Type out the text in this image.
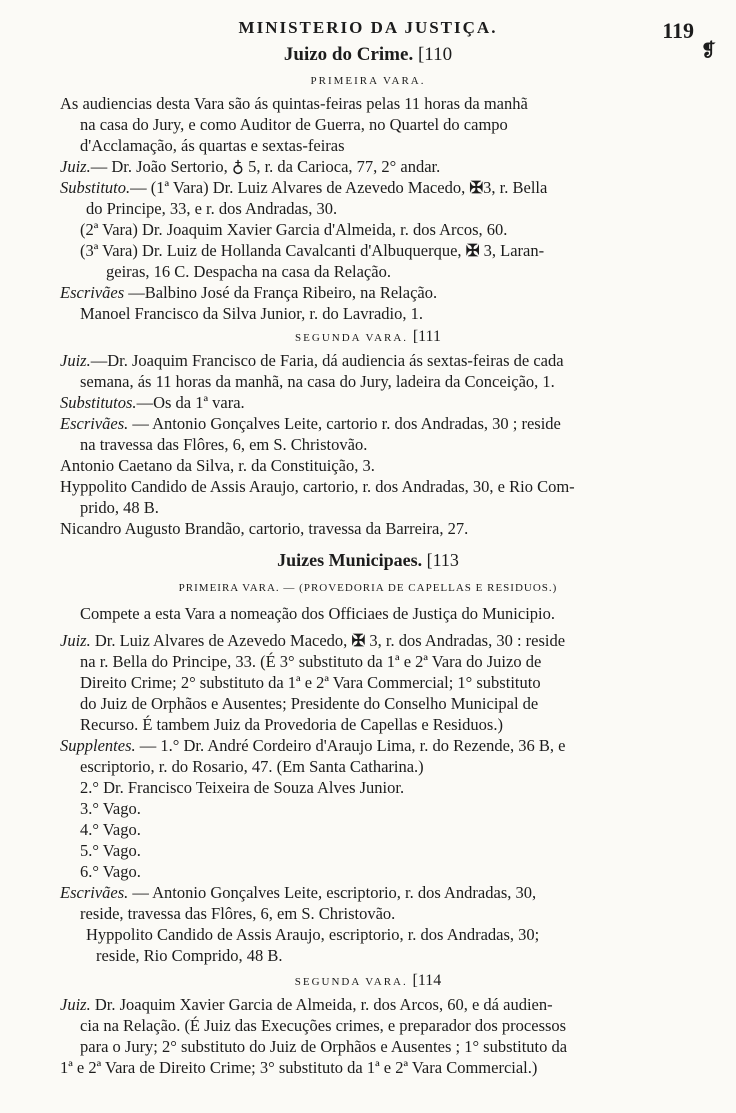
MINISTERIO DA JUSTIÇA.	119
❡
Juizo do Crime. [110
PRIMEIRA VARA.
As audiencias desta Vara são ás quintas-feiras pelas 11 horas da manhã
na casa do Jury, e como Auditor de Guerra, no Quartel do campo
d'Acclamação, ás quartas e sextas-feiras
Juiz.— Dr. João Sertorio, ♁ 5, r. da Carioca, 77, 2° andar.
Substituto.— (1ª Vara) Dr. Luiz Alvares de Azevedo Macedo, ✠3, r. Bella
do Principe, 33, e r. dos Andradas, 30.
(2ª Vara) Dr. Joaquim Xavier Garcia d'Almeida, r. dos Arcos, 60.
(3ª Vara) Dr. Luiz de Hollanda Cavalcanti d'Albuquerque, ✠ 3, Laran-
geiras, 16 C. Despacha na casa da Relação.
Escrivães —Balbino José da França Ribeiro, na Relação.
Manoel Francisco da Silva Junior, r. do Lavradio, 1.
SEGUNDA VARA. [111
Juiz.—Dr. Joaquim Francisco de Faria, dá audiencia ás sextas-feiras de cada
semana, ás 11 horas da manhã, na casa do Jury, ladeira da Conceição, 1.
Substitutos.—Os da 1ª vara.
Escrivães. — Antonio Gonçalves Leite, cartorio r. dos Andradas, 30 ; reside
na travessa das Flôres, 6, em S. Christovão.
Antonio Caetano da Silva, r. da Constituição, 3.
Hyppolito Candido de Assis Araujo, cartorio, r. dos Andradas, 30, e Rio Com-
prido, 48 B.
Nicandro Augusto Brandão, cartorio, travessa da Barreira, 27.
Juizes Municipaes. [113
PRIMEIRA VARA. — (PROVEDORIA DE CAPELLAS E RESIDUOS.)
Compete a esta Vara a nomeação dos Officiaes de Justiça do Municipio.
Juiz. Dr. Luiz Alvares de Azevedo Macedo, ✠ 3, r. dos Andradas, 30 : reside
na r. Bella do Principe, 33. (É 3° substituto da 1ª e 2ª Vara do Juizo de
Direito Crime; 2° substituto da 1ª e 2ª Vara Commercial; 1° substituto
do Juiz de Orphãos e Ausentes; Presidente do Conselho Municipal de
Recurso. É tambem Juiz da Provedoria de Capellas e Residuos.)
Supplentes. — 1.° Dr. André Cordeiro d'Araujo Lima, r. do Rezende, 36 B, e
escriptorio, r. do Rosario, 47. (Em Santa Catharina.)
2.° Dr. Francisco Teixeira de Souza Alves Junior.
3.° Vago.
4.° Vago.
5.° Vago.
6.° Vago.
Escrivães. — Antonio Gonçalves Leite, escriptorio, r. dos Andradas, 30,
reside, travessa das Flôres, 6, em S. Christovão.
Hyppolito Candido de Assis Araujo, escriptorio, r. dos Andradas, 30;
reside, Rio Comprido, 48 B.
SEGUNDA VARA. [114
Juiz. Dr. Joaquim Xavier Garcia de Almeida, r. dos Arcos, 60, e dá audien-
cia na Relação. (É Juiz das Execuções crimes, e preparador dos processos
para o Jury; 2° substituto do Juiz de Orphãos e Ausentes ; 1° substituto da
1ª e 2ª Vara de Direito Crime; 3° substituto da 1ª e 2ª Vara Commercial.)
